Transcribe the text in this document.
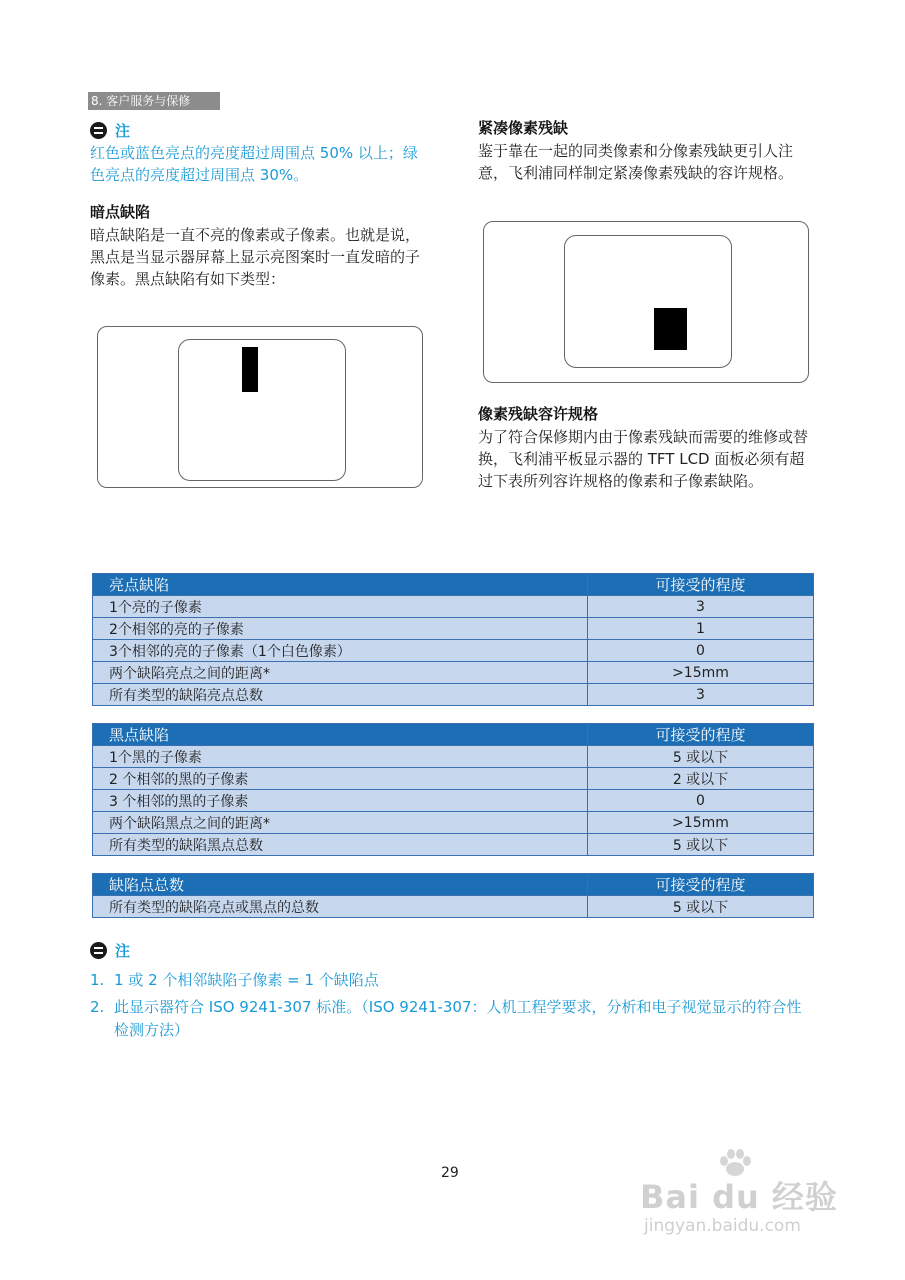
8. 客户服务与保修
注
红色或蓝色亮点的亮度超过周围点 50% 以上；绿色亮点的亮度超过周围点 30%。
暗点缺陷
暗点缺陷是一直不亮的像素或子像素。也就是说，黑点是当显示器屏幕上显示亮图案时一直发暗的子像素。黑点缺陷有如下类型：
紧凑像素残缺
鉴于靠在一起的同类像素和分像素残缺更引人注意，飞利浦同样制定紧凑像素残缺的容许规格。
像素残缺容许规格
为了符合保修期内由于像素残缺而需要的维修或替换，飞利浦平板显示器的 TFT LCD 面板必须有超过下表所列容许规格的像素和子像素缺陷。
亮点缺陷	可接受的程度
1个亮的子像素	3
2个相邻的亮的子像素	1
3个相邻的亮的子像素（1个白色像素）	0
两个缺陷亮点之间的距离*	>15mm
所有类型的缺陷亮点总数	3
黑点缺陷	可接受的程度
1个黑的子像素	5 或以下
2 个相邻的黑的子像素	2 或以下
3 个相邻的黑的子像素	0
两个缺陷黑点之间的距离*	>15mm
所有类型的缺陷黑点总数	5 或以下
缺陷点总数	可接受的程度
所有类型的缺陷亮点或黑点的总数	5 或以下
注
1. 1 或 2 个相邻缺陷子像素 = 1 个缺陷点
2. 此显示器符合 ISO 9241-307 标准。（ISO 9241-307：人机工程学要求，分析和电子视觉显示的符合性检测方法）
29
Bai du 经验
jingyan.baidu.com
